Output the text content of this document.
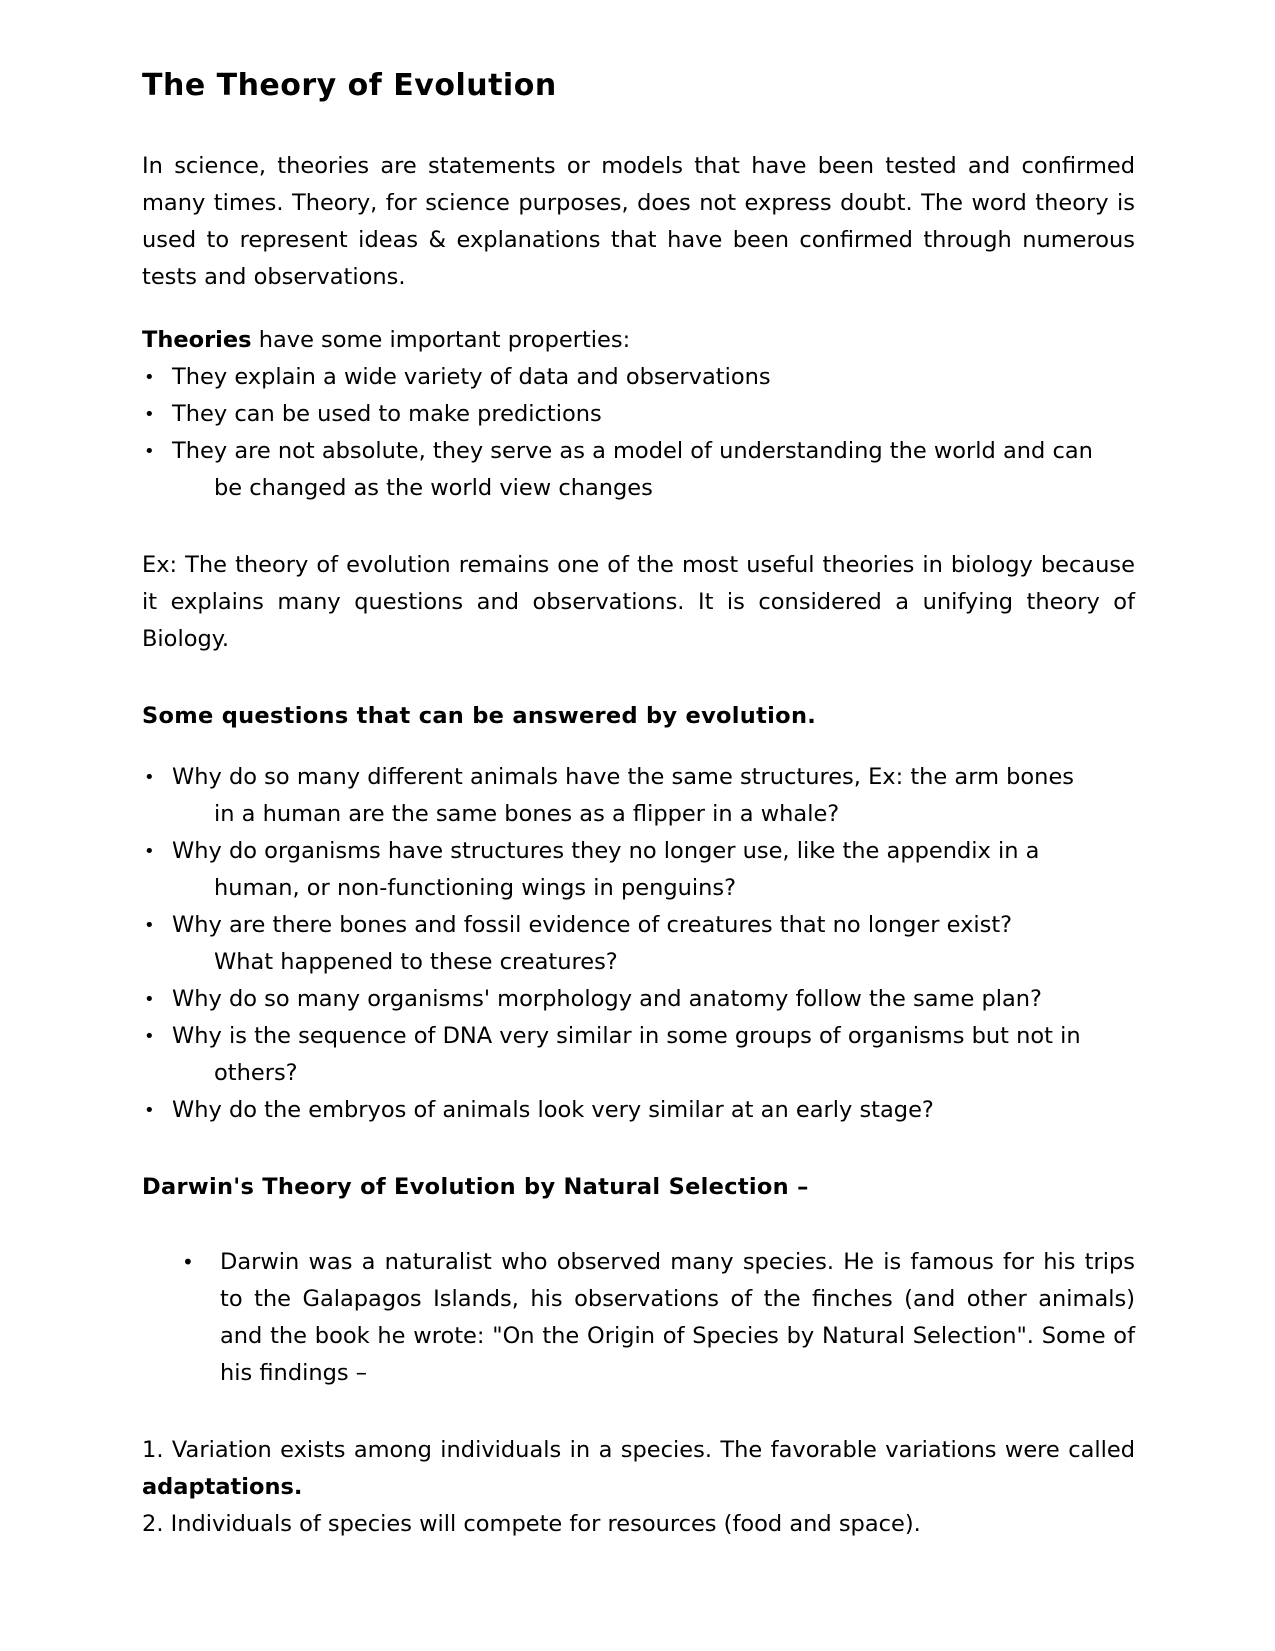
The Theory of Evolution

In science, theories are statements or models that have been tested and confirmed many times. Theory, for science purposes, does not express doubt. The word theory is used to represent ideas & explanations that have been confirmed through numerous tests and observations.

Theories have some important properties:

• They explain a wide variety of data and observations
• They can be used to make predictions
• They are not absolute, they serve as a model of understanding the world and can
be changed as the world view changes

Ex: The theory of evolution remains one of the most useful theories in biology because it explains many questions and observations. It is considered a unifying theory of Biology.

Some questions that can be answered by evolution.

• Why do so many different animals have the same structures, Ex: the arm bones
in a human are the same bones as a flipper in a whale?
• Why do organisms have structures they no longer use, like the appendix in a
human, or non-functioning wings in penguins?
• Why are there bones and fossil evidence of creatures that no longer exist?
What happened to these creatures?
• Why do so many organisms' morphology and anatomy follow the same plan?
• Why is the sequence of DNA very similar in some groups of organisms but not in
others?
• Why do the embryos of animals look very similar at an early stage?

Darwin's Theory of Evolution by Natural Selection –

• Darwin was a naturalist who observed many species. He is famous for his trips to the Galapagos Islands, his observations of the finches (and other animals) and the book he wrote: "On the Origin of Species by Natural Selection". Some of his findings –
1. Variation exists among individuals in a species. The favorable variations were called adaptations.
2. Individuals of species will compete for resources (food and space).
